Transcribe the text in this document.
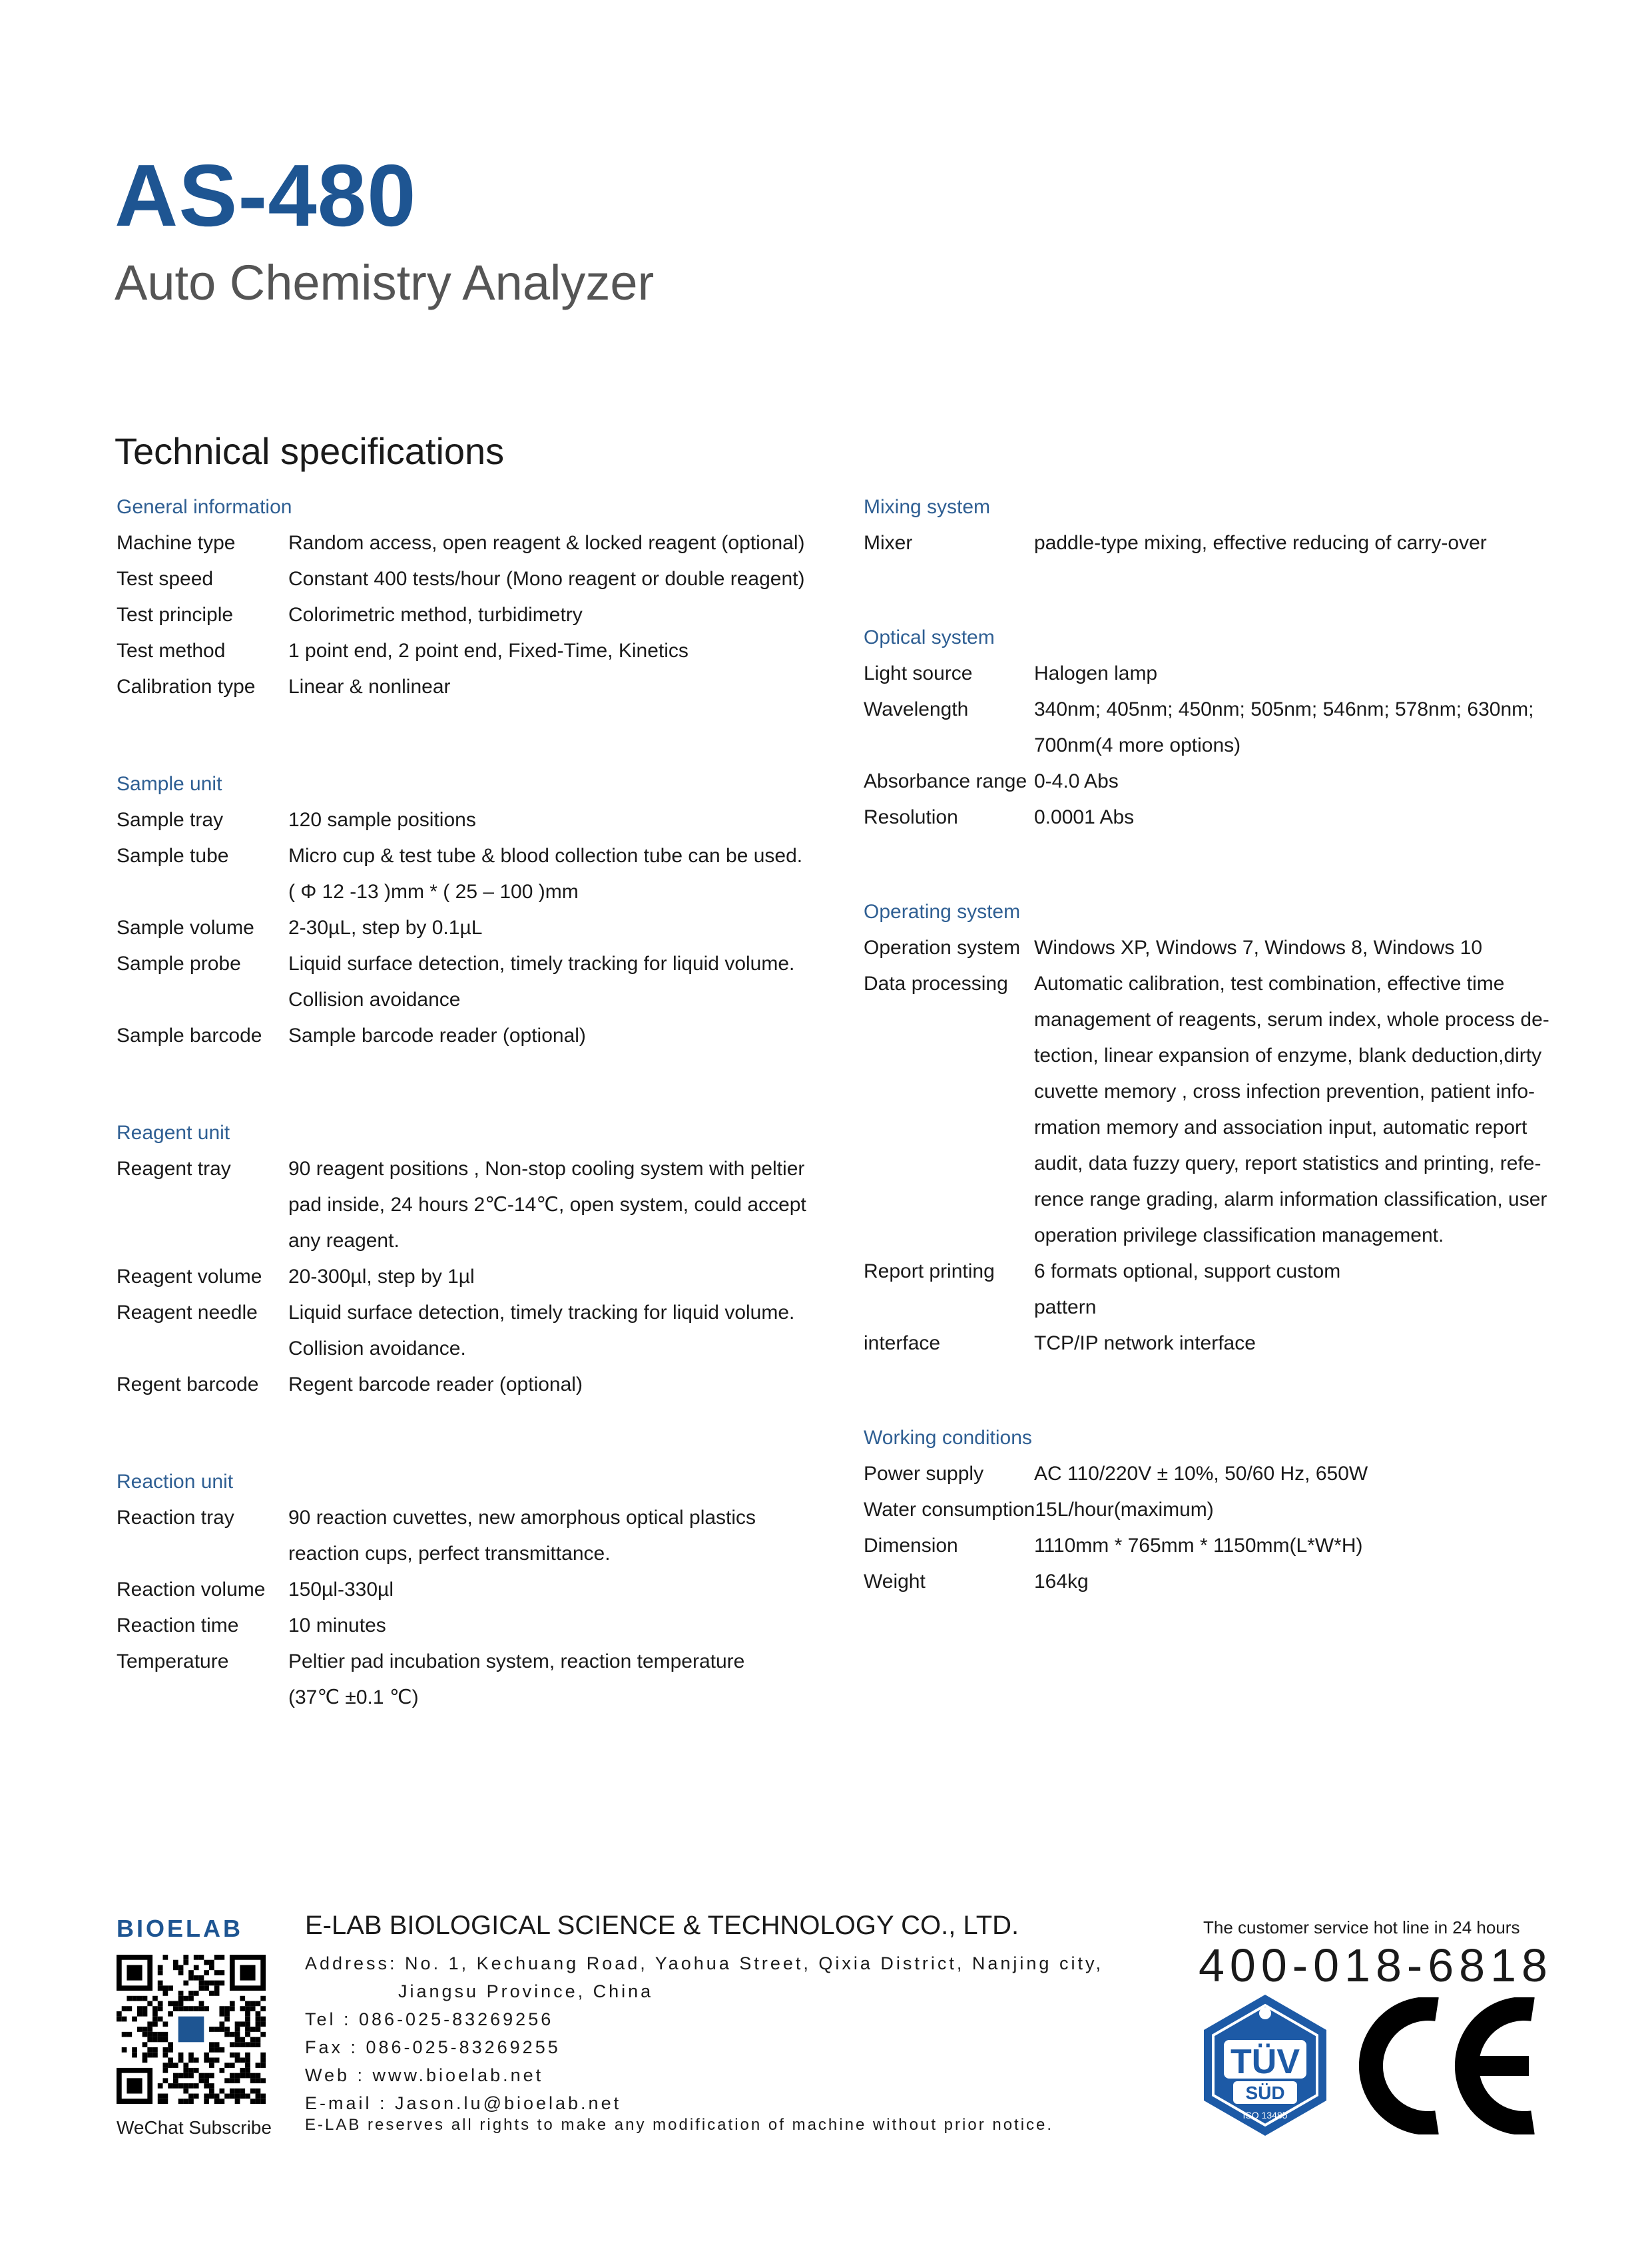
AS-480
Auto Chemistry Analyzer
Technical specifications
General information
Machine type	Random access, open reagent & locked reagent (optional)
Test speed	Constant 400 tests/hour (Mono reagent or double reagent)
Test principle	Colorimetric method, turbidimetry
Test method	1 point end, 2 point end, Fixed-Time, Kinetics
Calibration type	Linear & nonlinear
Sample unit
Sample tray	120 sample positions
Sample tube	Micro cup & test tube & blood collection tube can be used.
( Φ 12 -13 )mm * ( 25 – 100 )mm
Sample volume	2-30µL, step by 0.1µL
Sample probe	Liquid surface detection, timely tracking for liquid volume.
Collision avoidance
Sample barcode	Sample barcode reader (optional)
Reagent unit
Reagent tray	90 reagent positions , Non-stop cooling system with peltier
pad inside, 24 hours 2℃-14℃, open system, could accept
any reagent.
Reagent volume	20-300µl, step by 1µl
Reagent needle	Liquid surface detection, timely tracking for liquid volume.
Collision avoidance.
Regent barcode	Regent barcode reader (optional)
Reaction unit
Reaction tray	90 reaction cuvettes, new amorphous optical plastics
reaction cups, perfect transmittance.
Reaction volume	150µl-330µl
Reaction time	10 minutes
Temperature	Peltier pad incubation system, reaction temperature
(37℃ ±0.1 ℃)
Mixing system
Mixer	paddle-type mixing, effective reducing of carry-over
Optical system
Light source	Halogen lamp
Wavelength	340nm; 405nm; 450nm; 505nm; 546nm; 578nm; 630nm;
700nm(4 more options)
Absorbance range 0-4.0 Abs
Resolution	0.0001 Abs
Operating system
Operation system Windows XP, Windows 7, Windows 8, Windows 10
Data processing	Automatic calibration, test combination, effective time
management of reagents, serum index, whole process de-
tection, linear expansion of enzyme, blank deduction,dirty
cuvette memory , cross infection prevention, patient info-
rmation memory and association input, automatic report
audit, data fuzzy query, report statistics and printing, refe-
rence range grading, alarm information classification, user
operation privilege classification management.
Report printing	6 formats optional, support custom
pattern
interface	TCP/IP network interface
Working conditions
Power supply	AC 110/220V ± 10%, 50/60 Hz, 650W
Water consumption 15L/hour(maximum)
Dimension	1110mm * 765mm * 1150mm(L*W*H)
Weight	164kg
BIOELAB
WeChat Subscribe
E-LAB BIOLOGICAL SCIENCE & TECHNOLOGY CO., LTD.
Address: No. 1, Kechuang Road, Yaohua Street, Qixia District, Nanjing city,
Jiangsu Province, China
Tel : 086-025-83269256
Fax : 086-025-83269255
Web : www.bioelab.net
E-mail : Jason.lu@bioelab.net
E-LAB reserves all rights to make any modification of machine without prior notice.
The customer service hot line in 24 hours
400-018-6818
TÜV
SÜD
ISO 13485
